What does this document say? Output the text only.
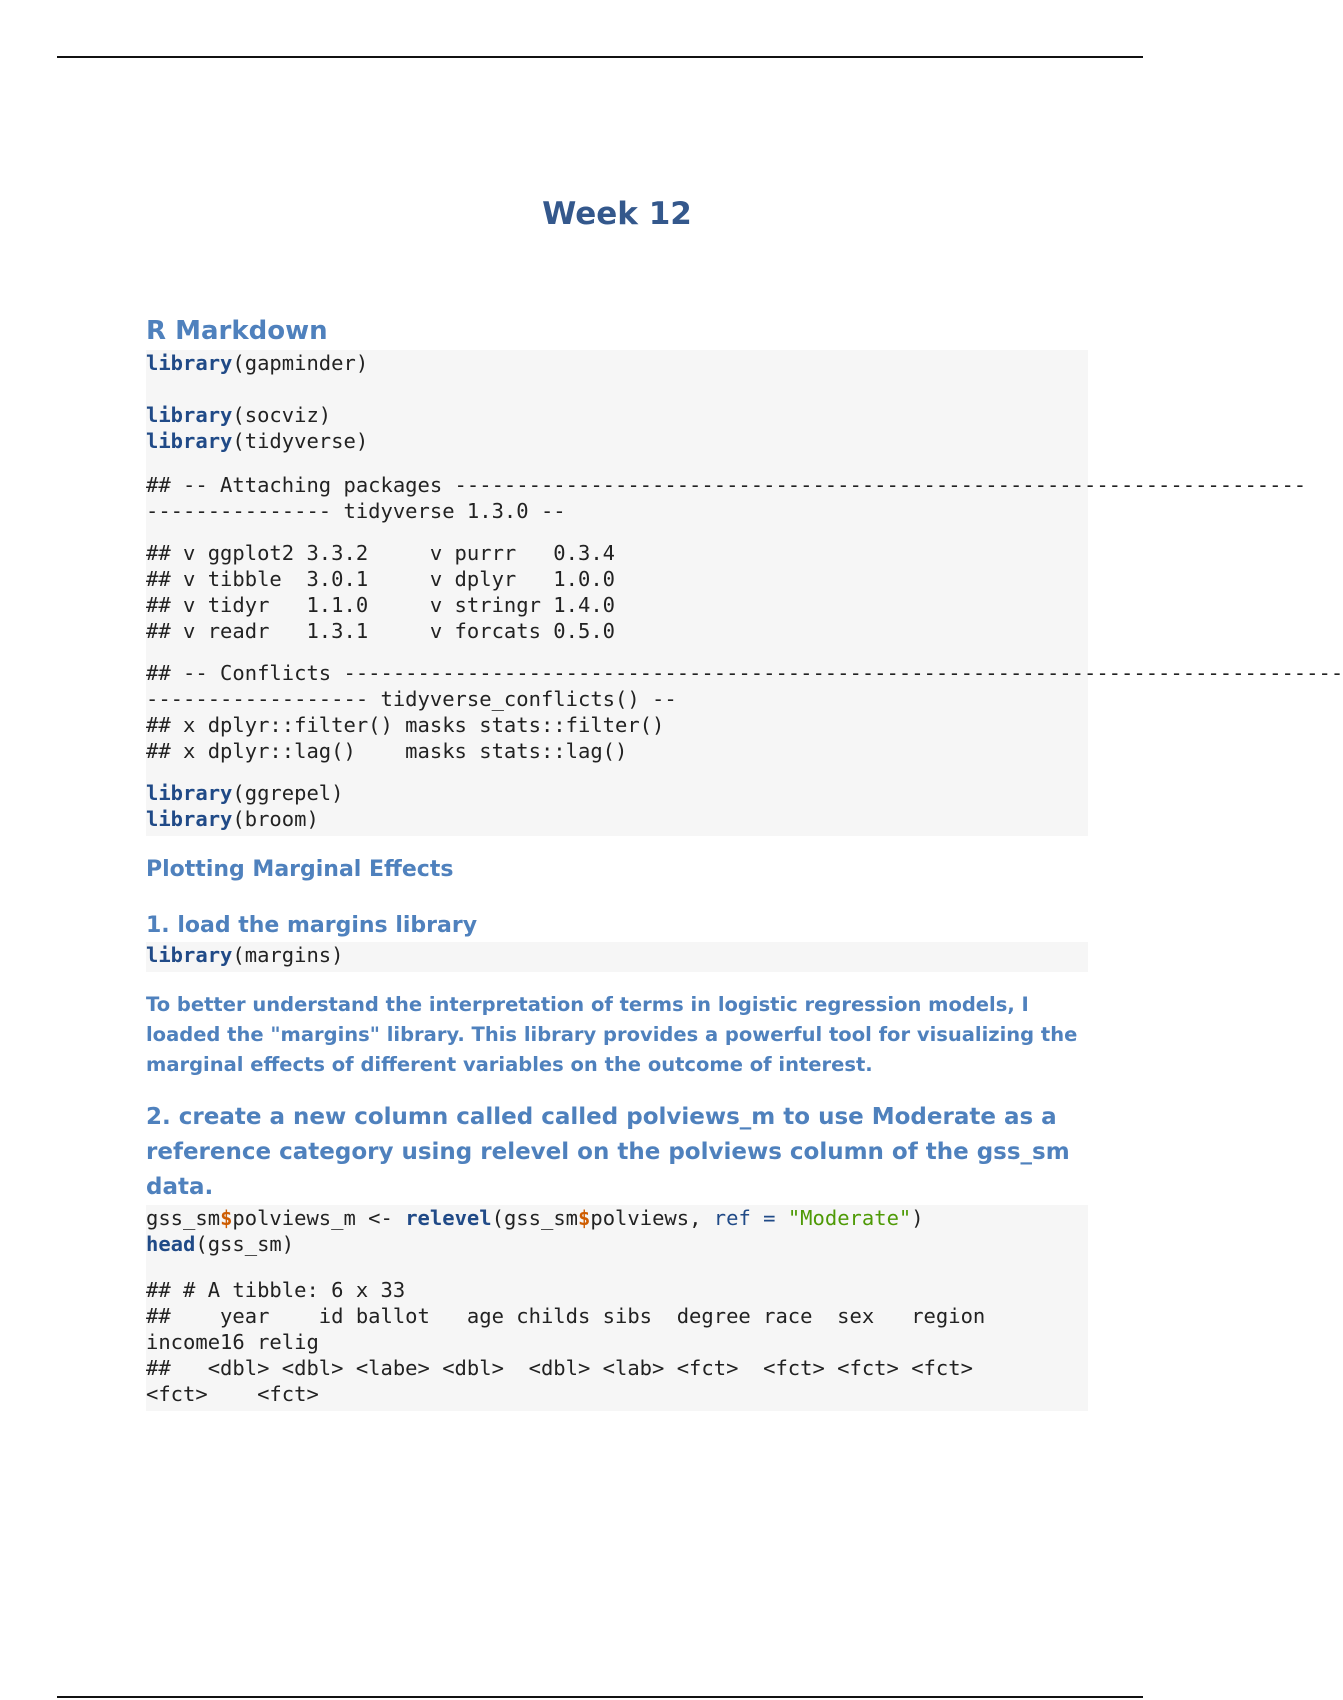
Week 12
R Markdown
library(gapminder)

library(socviz)
library(tidyverse)
## -- Attaching packages ---------------------------------------------------------------------
--------------- tidyverse 1.3.0 --
## v ggplot2 3.3.2     v purrr   0.3.4
## v tibble  3.0.1     v dplyr   1.0.0
## v tidyr   1.1.0     v stringr 1.4.0
## v readr   1.3.1     v forcats 0.5.0
## -- Conflicts ---------------------------------------------------------------------------------
------------------ tidyverse_conflicts() --
## x dplyr::filter() masks stats::filter()
## x dplyr::lag()    masks stats::lag()
library(ggrepel)
library(broom)
Plotting Marginal Effects
1. load the margins library
library(margins)

To better understand the interpretation of terms in logistic regression models, I loaded the "margins" library. This library provides a powerful tool for visualizing the marginal effects of different variables on the outcome of interest.

2. create a new column called called polviews_m to use Moderate as a reference category using relevel on the polviews column of the gss_sm data.
gss_sm$polviews_m <- relevel(gss_sm$polviews, ref = "Moderate")
head(gss_sm)
## # A tibble: 6 x 33
##    year    id ballot   age childs sibs  degree race  sex   region
income16 relig
##   <dbl> <dbl> <labe> <dbl>  <dbl> <lab> <fct>  <fct> <fct> <fct>
<fct>    <fct>
